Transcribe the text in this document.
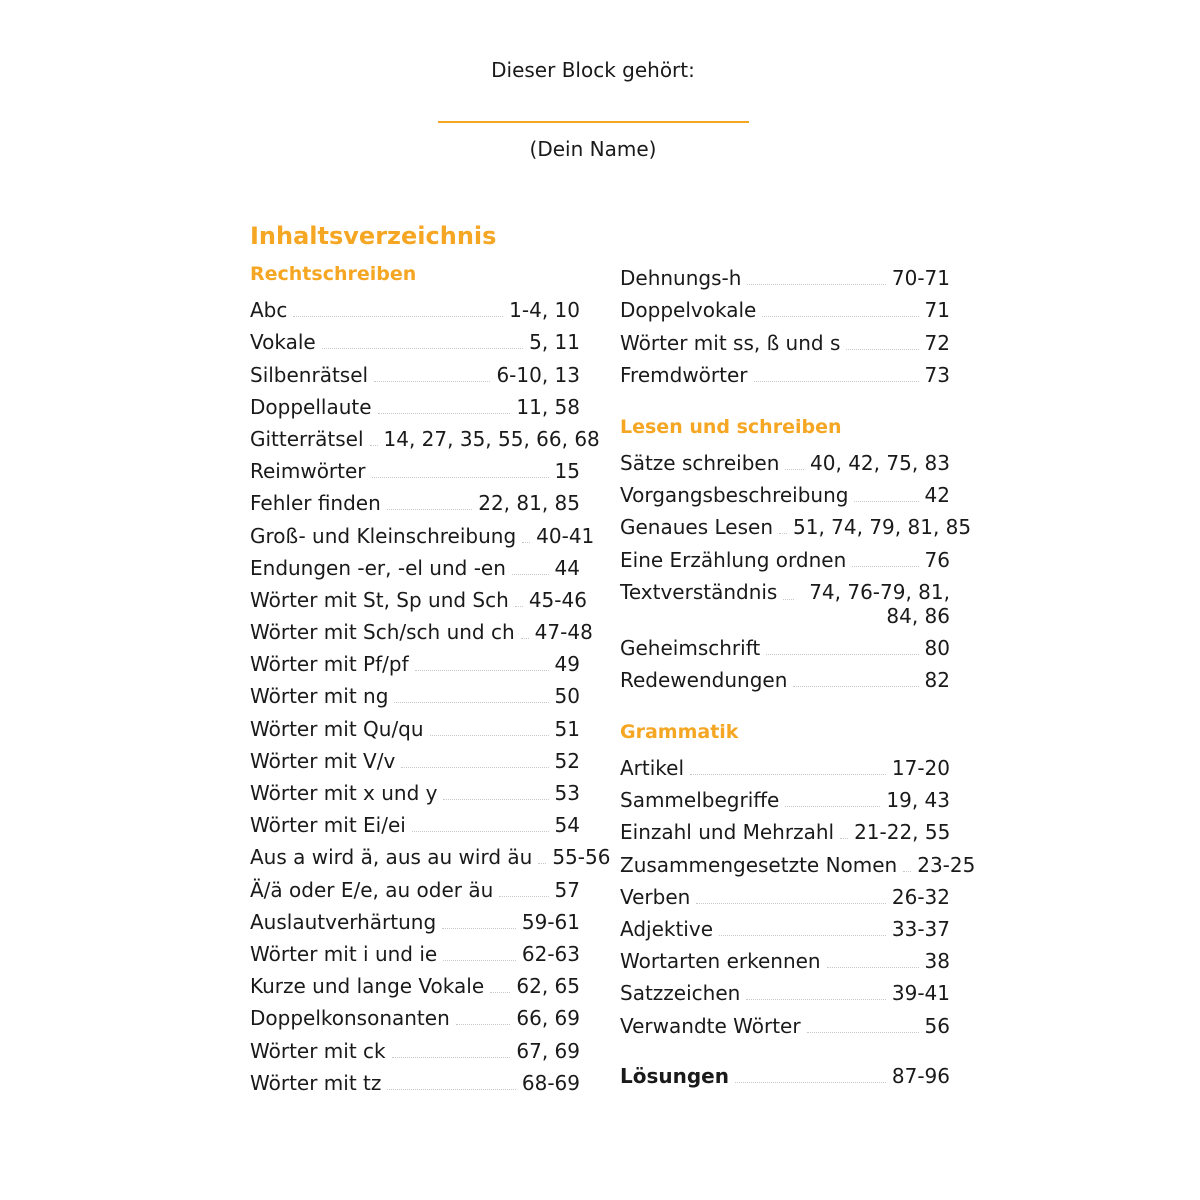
Dieser Block gehört:
(Dein Name)
Inhaltsverzeichnis
Rechtschreiben
Abc	1-4, 10
Vokale	5, 11
Silbenrätsel	6-10, 13
Doppellaute	11, 58
Gitterrätsel 14, 27, 35, 55, 66, 68
Reimwörter	15
Fehler finden	22, 81, 85
Groß- und Kleinschreibung 40-41
Endungen -er, -el und -en 44
Wörter mit St, Sp und Sch 45-46
Wörter mit Sch/sch und ch 47-48
Wörter mit Pf/pf	49
Wörter mit ng	50
Wörter mit Qu/qu	51
Wörter mit V/v	52
Wörter mit x und y	53
Wörter mit Ei/ei	54
Aus a wird ä, aus au wird äu 55-56
Ä/ä oder E/e, au oder äu	57
Auslautverhärtung	59-61
Wörter mit i und ie	62-63
Kurze und lange Vokale 62, 65
Doppelkonsonanten	66, 69
Wörter mit ck	67, 69
Wörter mit tz	68-69
Dehnungs-h	70-71
Doppelvokale	71
Wörter mit ss, ß und s	72
Fremdwörter	73
Lesen und schreiben
Sätze schreiben 40, 42, 75, 83
Vorgangsbeschreibung	42
Genaues Lesen 51, 74, 79, 81, 85
Eine Erzählung ordnen	76
Textverständnis	74, 76-79, 81, 84, 86
Geheimschrift	80
Redewendungen	82
Grammatik
Artikel	17-20
Sammelbegriffe	19, 43
Einzahl und Mehrzahl 21-22, 55
Zusammengesetzte Nomen 23-25
Verben	26-32
Adjektive	33-37
Wortarten erkennen	38
Satzzeichen	39-41
Verwandte Wörter	56
Lösungen	87-96
